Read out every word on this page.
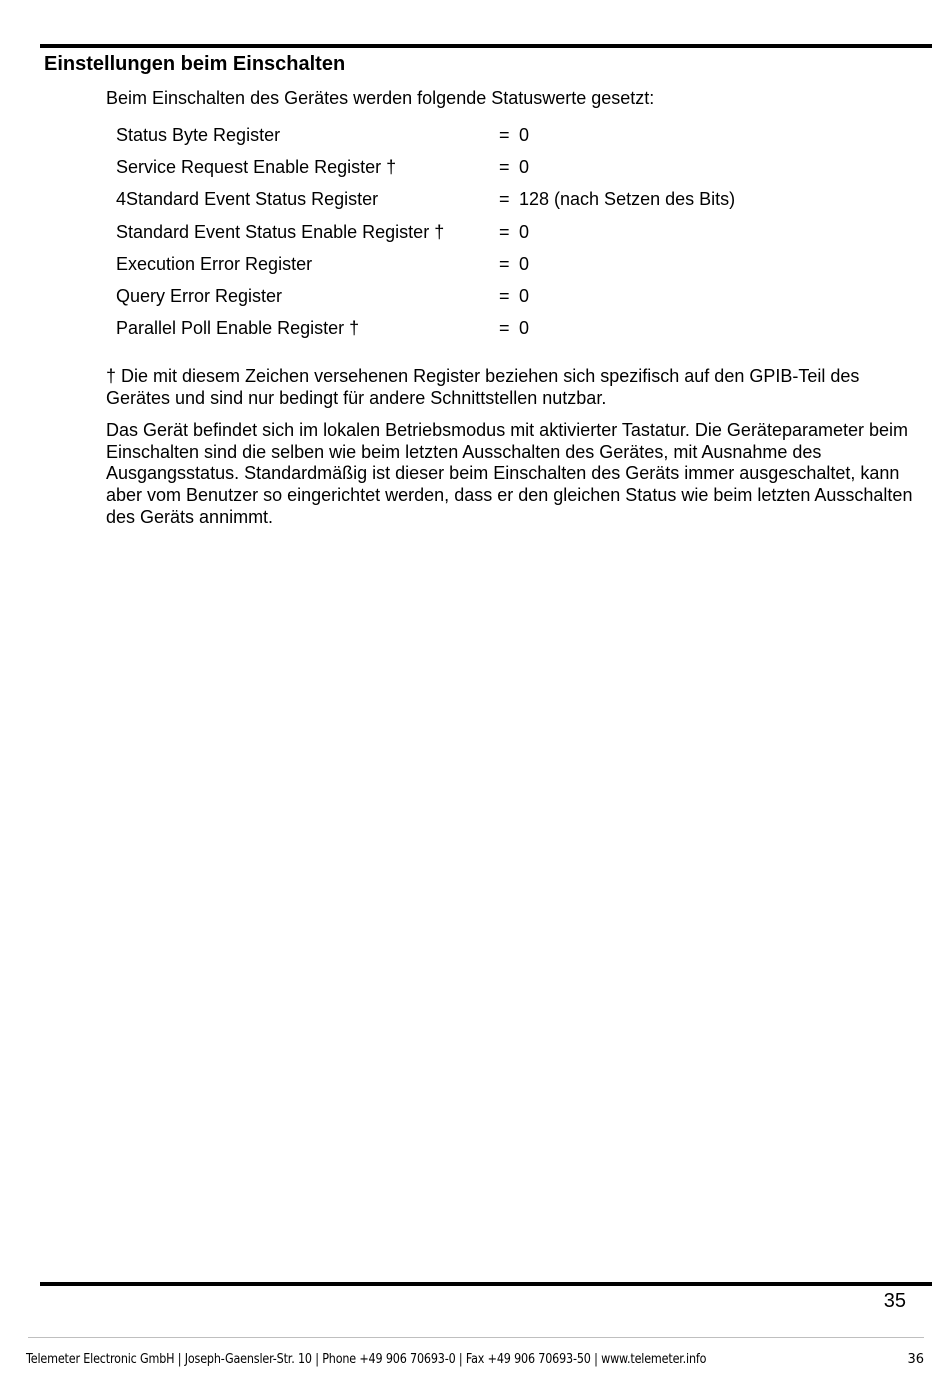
Einstellungen beim Einschalten
Beim Einschalten des Gerätes werden folgende Statuswerte gesetzt:
Status Byte Register	= 0
Service Request Enable Register †	= 0
4Standard Event Status Register	= 128 (nach Setzen des Bits)
Standard Event Status Enable Register †	= 0
Execution Error Register	= 0
Query Error Register	= 0
Parallel Poll Enable Register †	= 0
† Die mit diesem Zeichen versehenen Register beziehen sich spezifisch auf den GPIB-Teil des Gerätes und sind nur bedingt für andere Schnittstellen nutzbar.
Das Gerät befindet sich im lokalen Betriebsmodus mit aktivierter Tastatur. Die Geräteparameter beim Einschalten sind die selben wie beim letzten Ausschalten des Gerätes, mit Ausnahme des Ausgangsstatus. Standardmäßig ist dieser beim Einschalten des Geräts immer ausgeschaltet, kann aber vom Benutzer so eingerichtet werden, dass er den gleichen Status wie beim letzten Ausschalten des Geräts annimmt.
35
Telemeter Electronic GmbH | Joseph-Gaensler-Str. 10 | Phone +49 906 70693-0 | Fax +49 906 70693-50 | www.telemeter.info	36
